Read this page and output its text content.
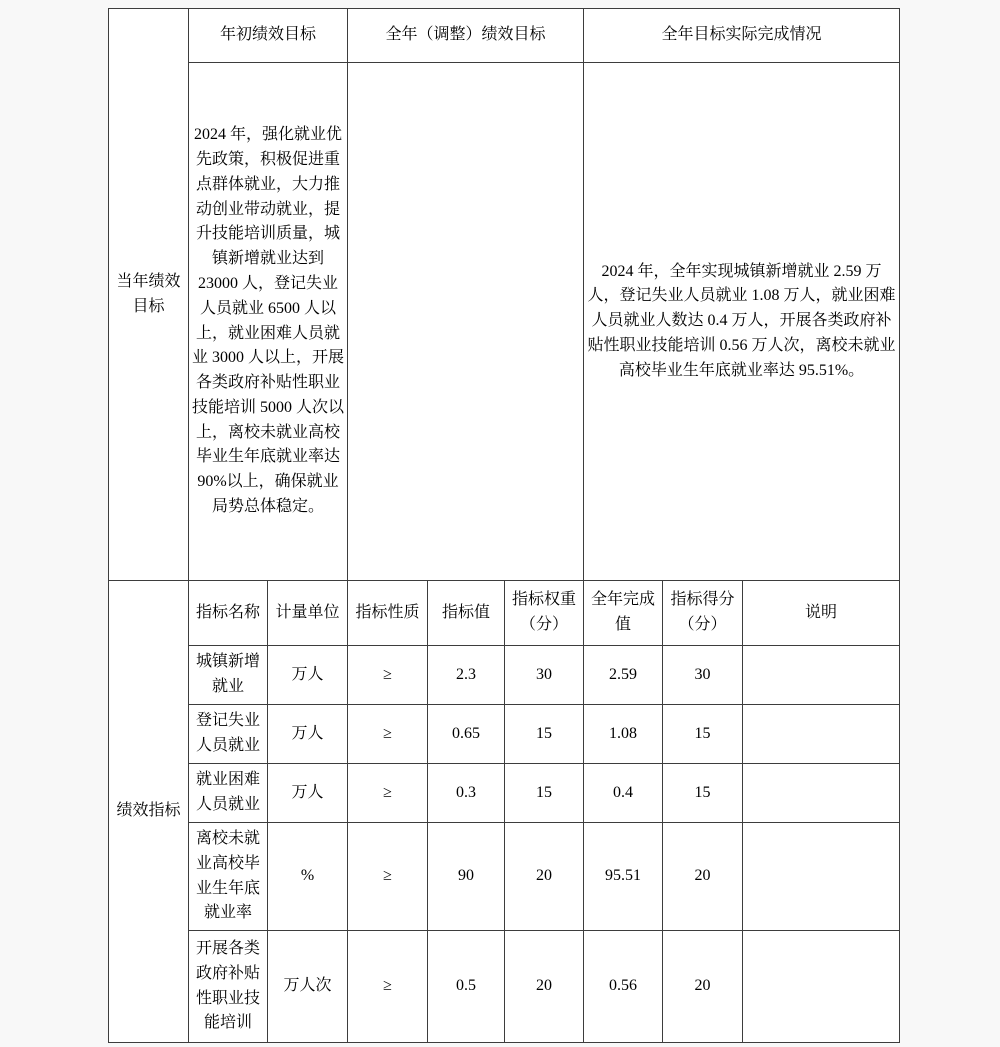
当年绩效目标	年初绩效目标		全年（调整）绩效目标			全年目标实际完成情况		
	2024 年，强化就业优先政策，积极促进重点群体就业，大力推动创业带动就业，提升技能培训质量，城镇新增就业达到 23000 人，登记失业人员就业 6500 人以上，就业困难人员就业 3000 人以上，开展各类政府补贴性职业技能培训 5000 人次以上，离校未就业高校毕业生年底就业率达 90%以上，确保就业局势总体稳定。					2024 年，全年实现城镇新增就业 2.59 万人，登记失业人员就业 1.08 万人，就业困难人员就业人数达 0.4 万人，开展各类政府补贴性职业技能培训 0.56 万人次，离校未就业高校毕业生年底就业率达 95.51%。		
绩效指标	指标名称	计量单位	指标性质	指标值	指标权重（分）	全年完成值	指标得分（分）	说明
	城镇新增就业	万人	≥	2.3	30	2.59	30	
	登记失业人员就业	万人	≥	0.65	15	1.08	15	
	就业困难人员就业	万人	≥	0.3	15	0.4	15	
	离校未就业高校毕业生年底就业率	%	≥	90	20	95.51	20	
	开展各类政府补贴性职业技能培训	万人次	≥	0.5	20	0.56	20	
